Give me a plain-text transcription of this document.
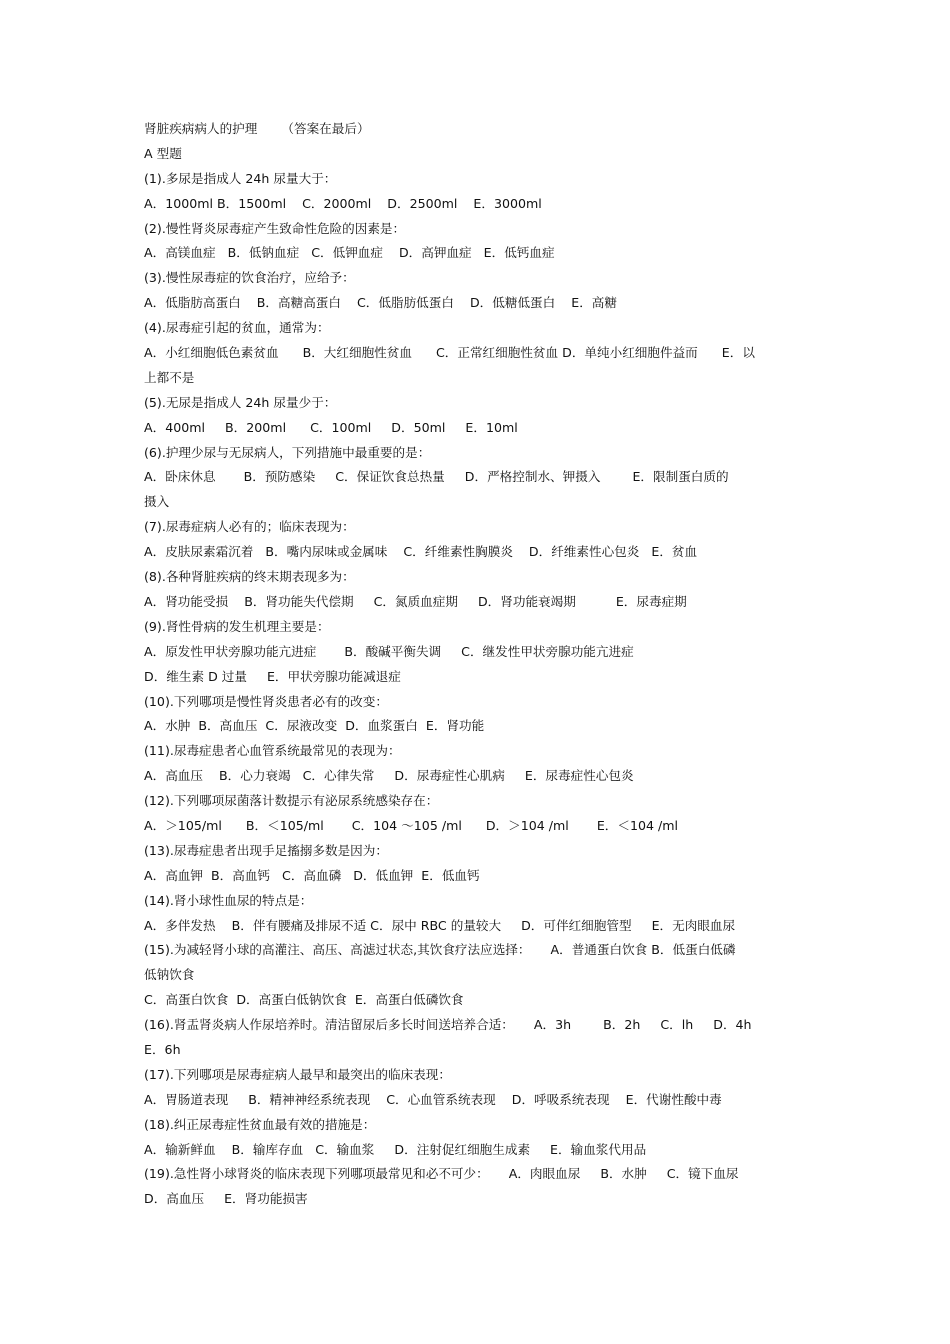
肾脏疾病病人的护理 （答案在最后）
A 型题
(1).多尿是指成人 24h 尿量大于：
A．1000ml B．1500ml    C．2000ml    D．2500ml    E．3000ml
(2).慢性肾炎尿毒症产生致命性危险的因素是：
A．高镁血症   B．低钠血症   C．低钾血症    D．高钾血症   E．低钙血症
(3).慢性尿毒症的饮食治疗，应给予：
A．低脂肪高蛋白    B．高糖高蛋白    C．低脂肪低蛋白    D．低糖低蛋白    E．高糖
(4).尿毒症引起的贫血，通常为：
A．小红细胞低色素贫血      B．大红细胞性贫血      C．正常红细胞性贫血 D．单纯小红细胞件益而      E．以
上都不是
(5).无尿是指成人 24h 尿量少于：
A．400ml     B．200ml      C．100ml     D．50ml     E．10ml
(6).护理少尿与无尿病人，下列措施中最重要的是：
A．卧床休息       B．预防感染     C．保证饮食总热量     D．严格控制水、钾摄入        E．限制蛋白质的
摄入
(7).尿毒症病人必有的；临床表现为：
A．皮肤尿素霜沉着   B．嘴内尿味或金属味    C．纤维素性胸膜炎    D．纤维素性心包炎   E．贫血
(8).各种肾脏疾病的终末期表现多为：
A．肾功能受损    B．肾功能失代偿期     C．氮质血症期     D．肾功能衰竭期          E．尿毒症期
(9).肾性骨病的发生机理主要是：
A．原发性甲状旁腺功能亢进症       B．酸碱平衡失调     C．继发性甲状旁腺功能亢进症
D．维生素 D 过量     E．甲状旁腺功能减退症
(10).下列哪项是慢性肾炎患者必有的改变：
A．水肿  B．高血压  C．尿液改变  D．血浆蛋白  E．肾功能
(11).尿毒症患者心血管系统最常见的表现为：
A．高血压    B．心力衰竭   C．心律失常     D．尿毒症性心肌病     E．尿毒症性心包炎
(12).下列哪项尿菌落计数提示有泌尿系统感染存在：
A．＞105/ml      B．＜105/ml       C．104 ～105 /ml      D．＞104 /ml       E．＜104 /ml
(13).尿毒症患者出现手足搐搦多数是因为：
A．高血钾  B．高血钙   C．高血磷   D．低血钾  E．低血钙
(14).肾小球性血尿的特点是：
A．多伴发热    B．伴有腰痛及排尿不适 C．尿中 RBC 的量较大     D．可伴红细胞管型     E．无肉眼血尿
(15).为减轻肾小球的高灌注、高压、高滤过状态,其饮食疗法应选择：     A．普通蛋白饮食 B．低蛋白低磷
低钠饮食
C．高蛋白饮食  D．高蛋白低钠饮食  E．高蛋白低磷饮食
(16).肾盂肾炎病人作尿培养时。清洁留尿后多长时间送培养合适：     A．3h        B．2h     C．lh     D．4h
E．6h
(17).下列哪项是尿毒症病人最早和最突出的临床表现：
A．胃肠道表现     B．精神神经系统表现    C．心血管系统表现    D．呼吸系统表现    E．代谢性酸中毒
(18).纠正尿毒症性贫血最有效的措施是：
A．输新鲜血    B．输库存血   C．输血浆     D．注射促红细胞生成素     E．输血浆代用品
(19).急性肾小球肾炎的临床表现下列哪项最常见和必不可少：     A．肉眼血尿     B．水肿     C．镜下血尿
D．高血压     E．肾功能损害
